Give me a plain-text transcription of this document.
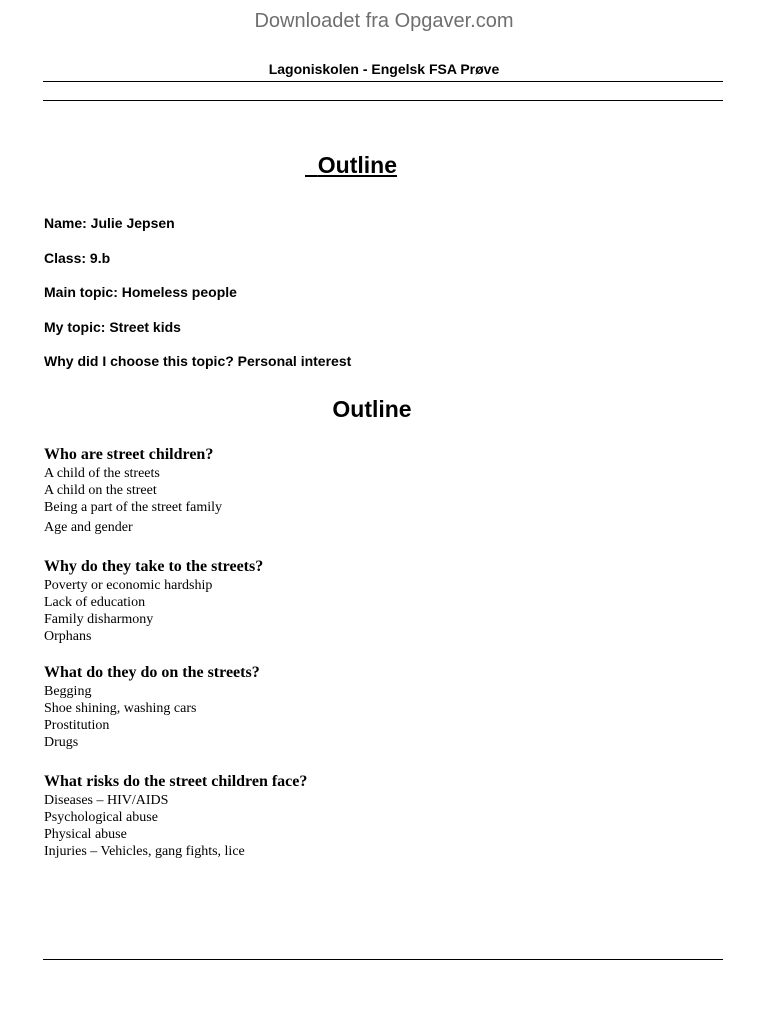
Downloadet fra Opgaver.com
Lagoniskolen - Engelsk FSA Prøve
Outline
Name: Julie Jepsen
Class: 9.b
Main topic: Homeless people
My topic: Street kids
Why did I choose this topic? Personal interest
Outline
Who are street children?
A child of the streets
A child on the street
Being a part of the street family
Age and gender
Why do they take to the streets?
Poverty or economic hardship
Lack of education
Family disharmony
Orphans
What do they do on the streets?
Begging
Shoe shining, washing cars
Prostitution
Drugs
What risks do the street children face?
Diseases – HIV/AIDS
Psychological abuse
Physical abuse
Injuries – Vehicles, gang fights, lice
